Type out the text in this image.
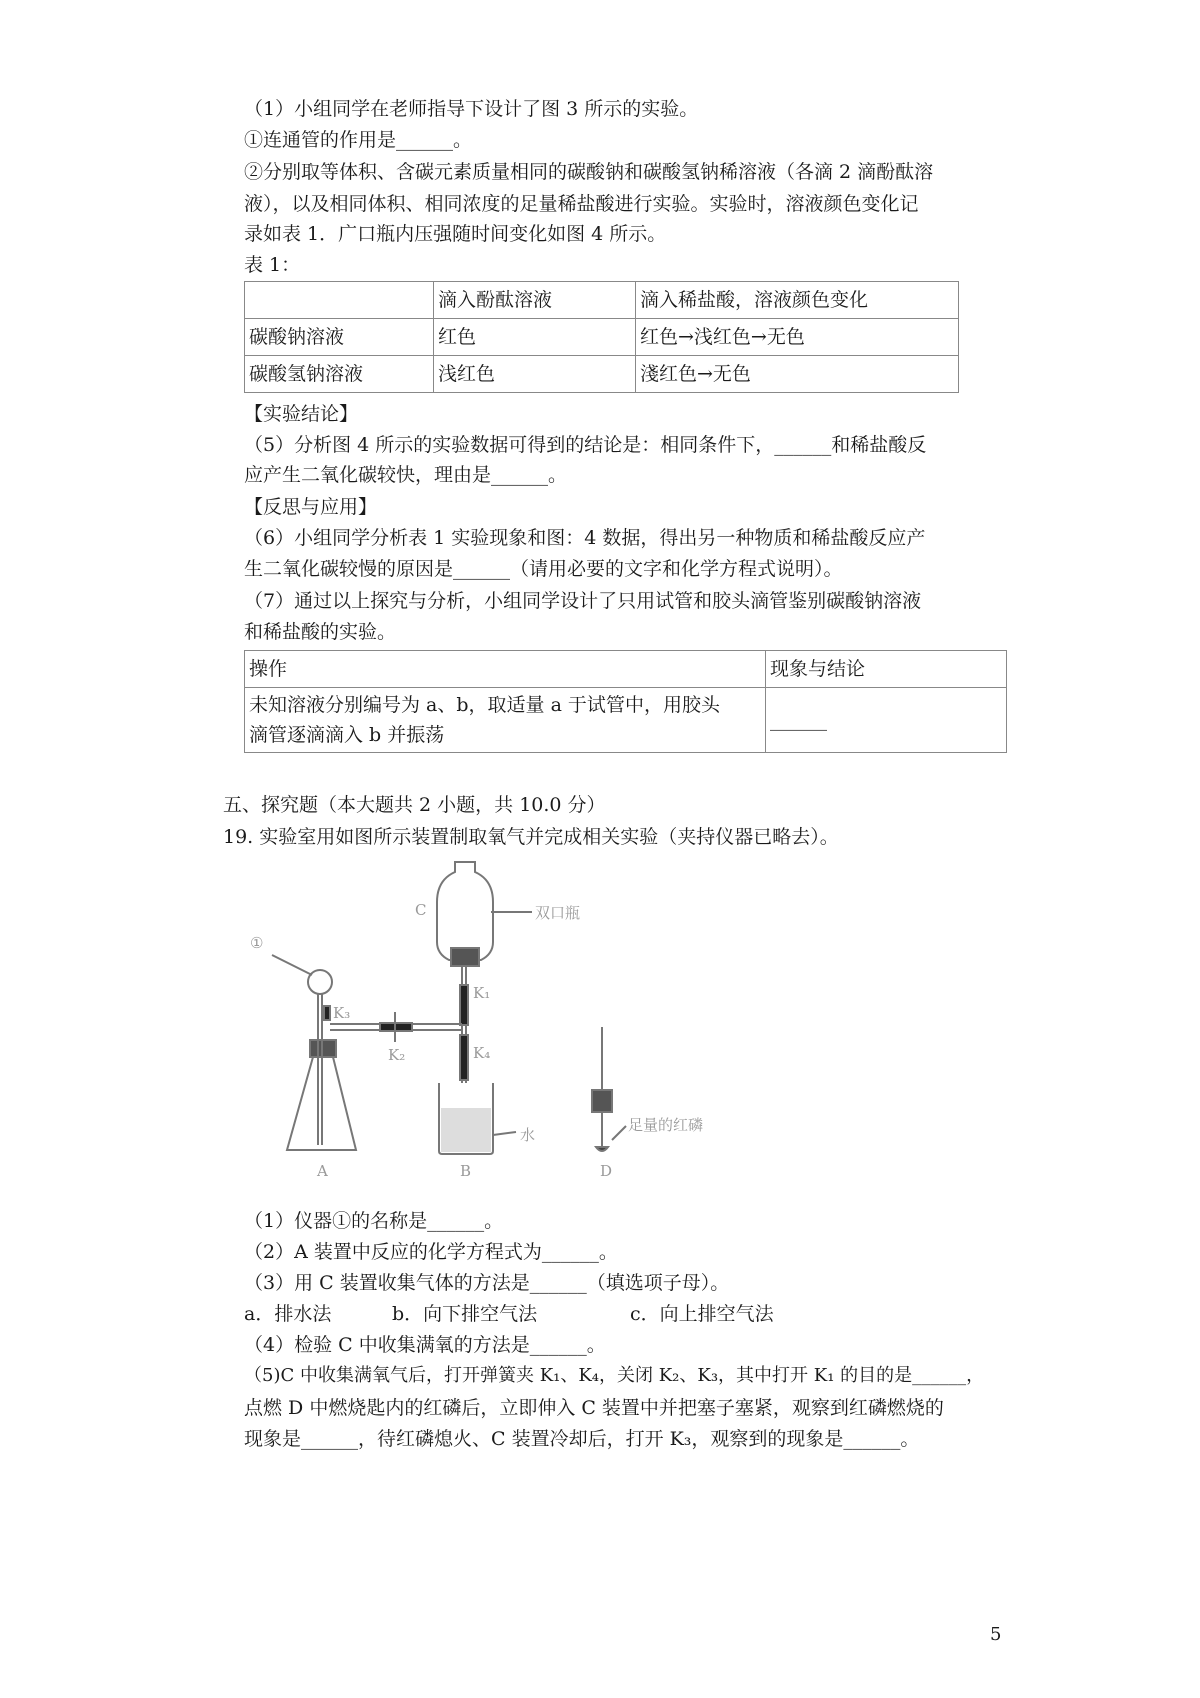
（1）小组同学在老师指导下设计了图 3 所示的实验。
①连通管的作用是______。
②分别取等体积、含碳元素质量相同的碳酸钠和碳酸氢钠稀溶液（各滴 2 滴酚酞溶
液），以及相同体积、相同浓度的足量稀盐酸进行实验。实验时，溶液颜色变化记
录如表 1．广口瓶内压强随时间变化如图 4 所示。
表 1：
	滴入酚酞溶液	滴入稀盐酸，溶液颜色变化
碳酸钠溶液	红色	红色→浅红色→无色
碳酸氢钠溶液	浅红色	淺红色→无色
【实验结论】
（5）分析图 4 所示的实验数据可得到的结论是：相同条件下，______和稀盐酸反
应产生二氧化碳较快，理由是______。
【反思与应用】
（6）小组同学分析表 1 实验现象和图：4 数据，得出另一种物质和稀盐酸反应产
生二氧化碳较慢的原因是______（请用必要的文字和化学方程式说明）。
（7）通过以上探究与分析，小组同学设计了只用试管和胶头滴管鉴别碳酸钠溶液
和稀盐酸的实验。
操作	现象与结论

未知溶液分别编号为 a、b，取适量 a 于试管中，用胶头
滴管逐滴滴入 b 并振荡	______
五、探究题（本大题共 2 小题，共 10.0 分）
19. 实验室用如图所示装置制取氧气并完成相关实验（夹持仪器已略去）。
C	双口瓶
①
K₁
K₂
K₃
K₄
水
足量的红磷
A	B	D
（1）仪器①的名称是______。
（2）A 装置中反应的化学方程式为______。
（3）用 C 装置收集气体的方法是______（填选项子母）。
a．排水法	b．向下排空气法	c．向上排空气法
（4）检验 C 中收集满氧的方法是______。
（5)C 中收集满氧气后，打开弹簧夹 K₁、K₄，关闭 K₂、K₃，其中打开 K₁ 的目的是______，
点燃 D 中燃烧匙内的红磷后，立即伸入 C 装置中并把塞子塞紧，观察到红磷燃烧的
现象是______，待红磷熄火、C 装置冷却后，打开 K₃，观察到的现象是______。
5
